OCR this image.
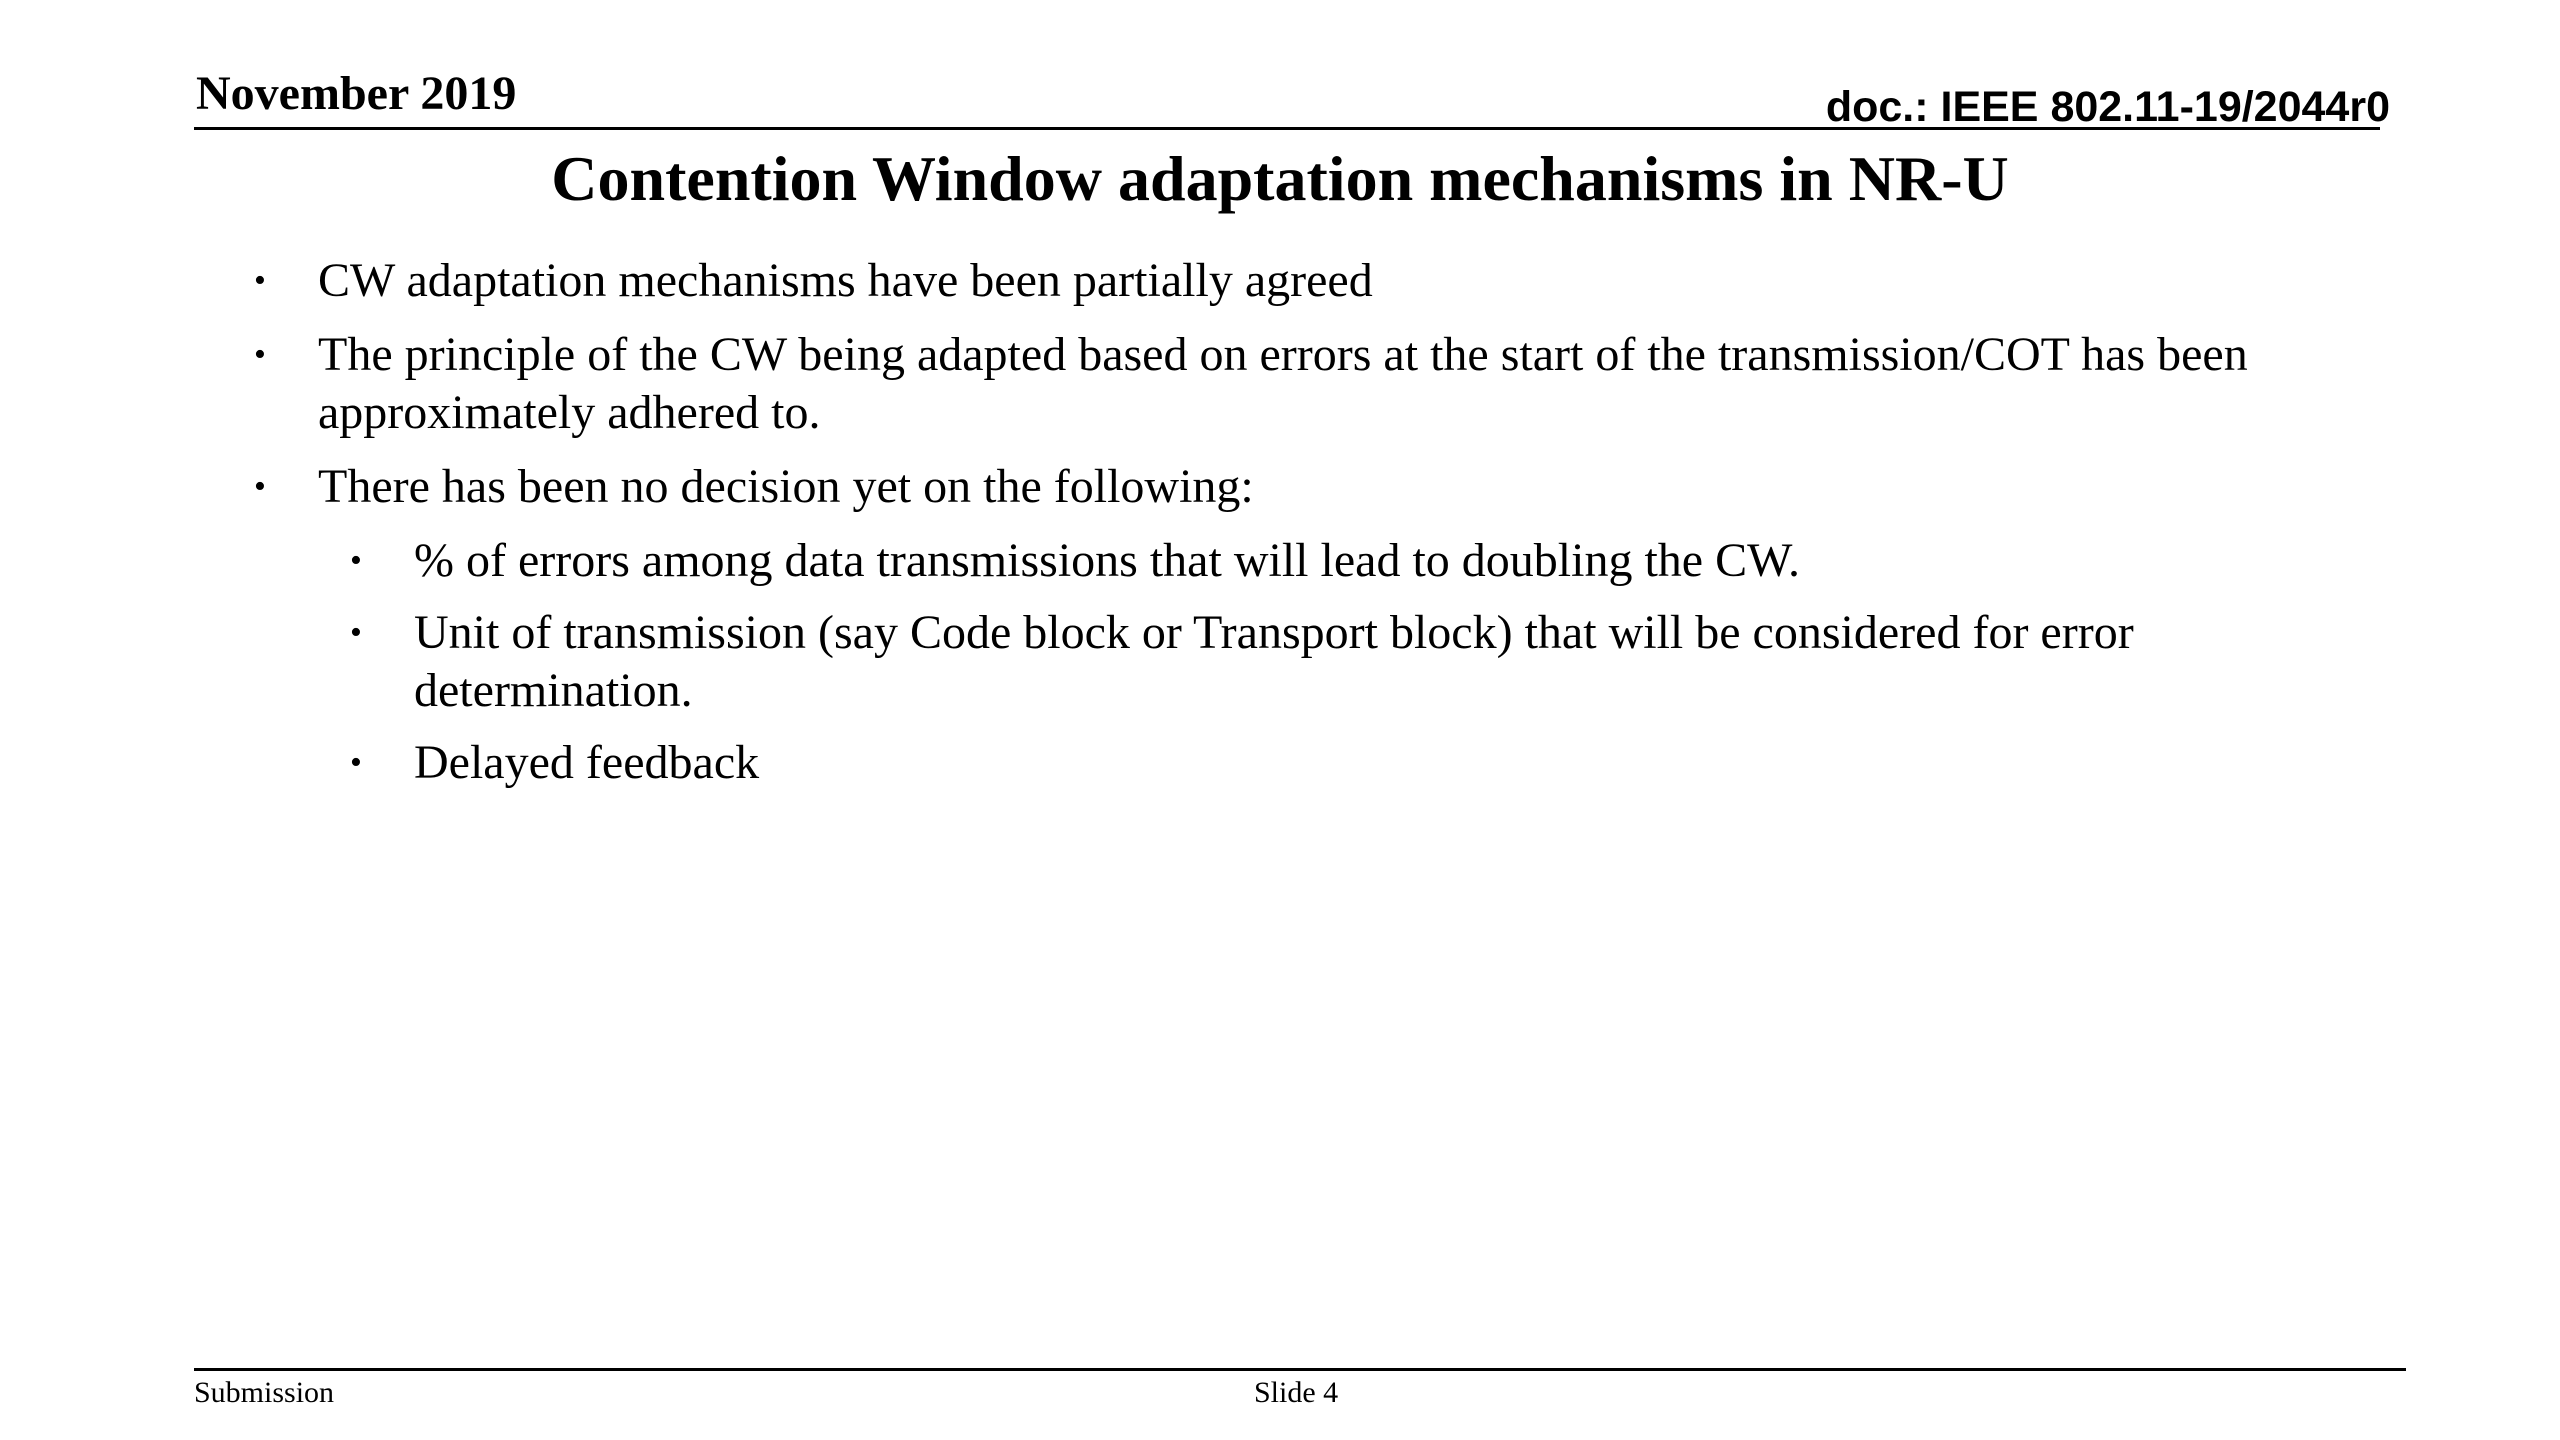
November 2019	doc.: IEEE 802.11-19/2044r0
Contention Window adaptation mechanisms in NR-U
• CW adaptation mechanisms have been partially agreed
• The principle of the CW being adapted based on errors at the start of the transmission/COT has been approximately adhered to.
• There has been no decision yet on the following:
• % of errors among data transmissions that will lead to doubling the CW.
• Unit of transmission (say Code block or Transport block) that will be considered for error determination.
• Delayed feedback
Submission	Slide 4
